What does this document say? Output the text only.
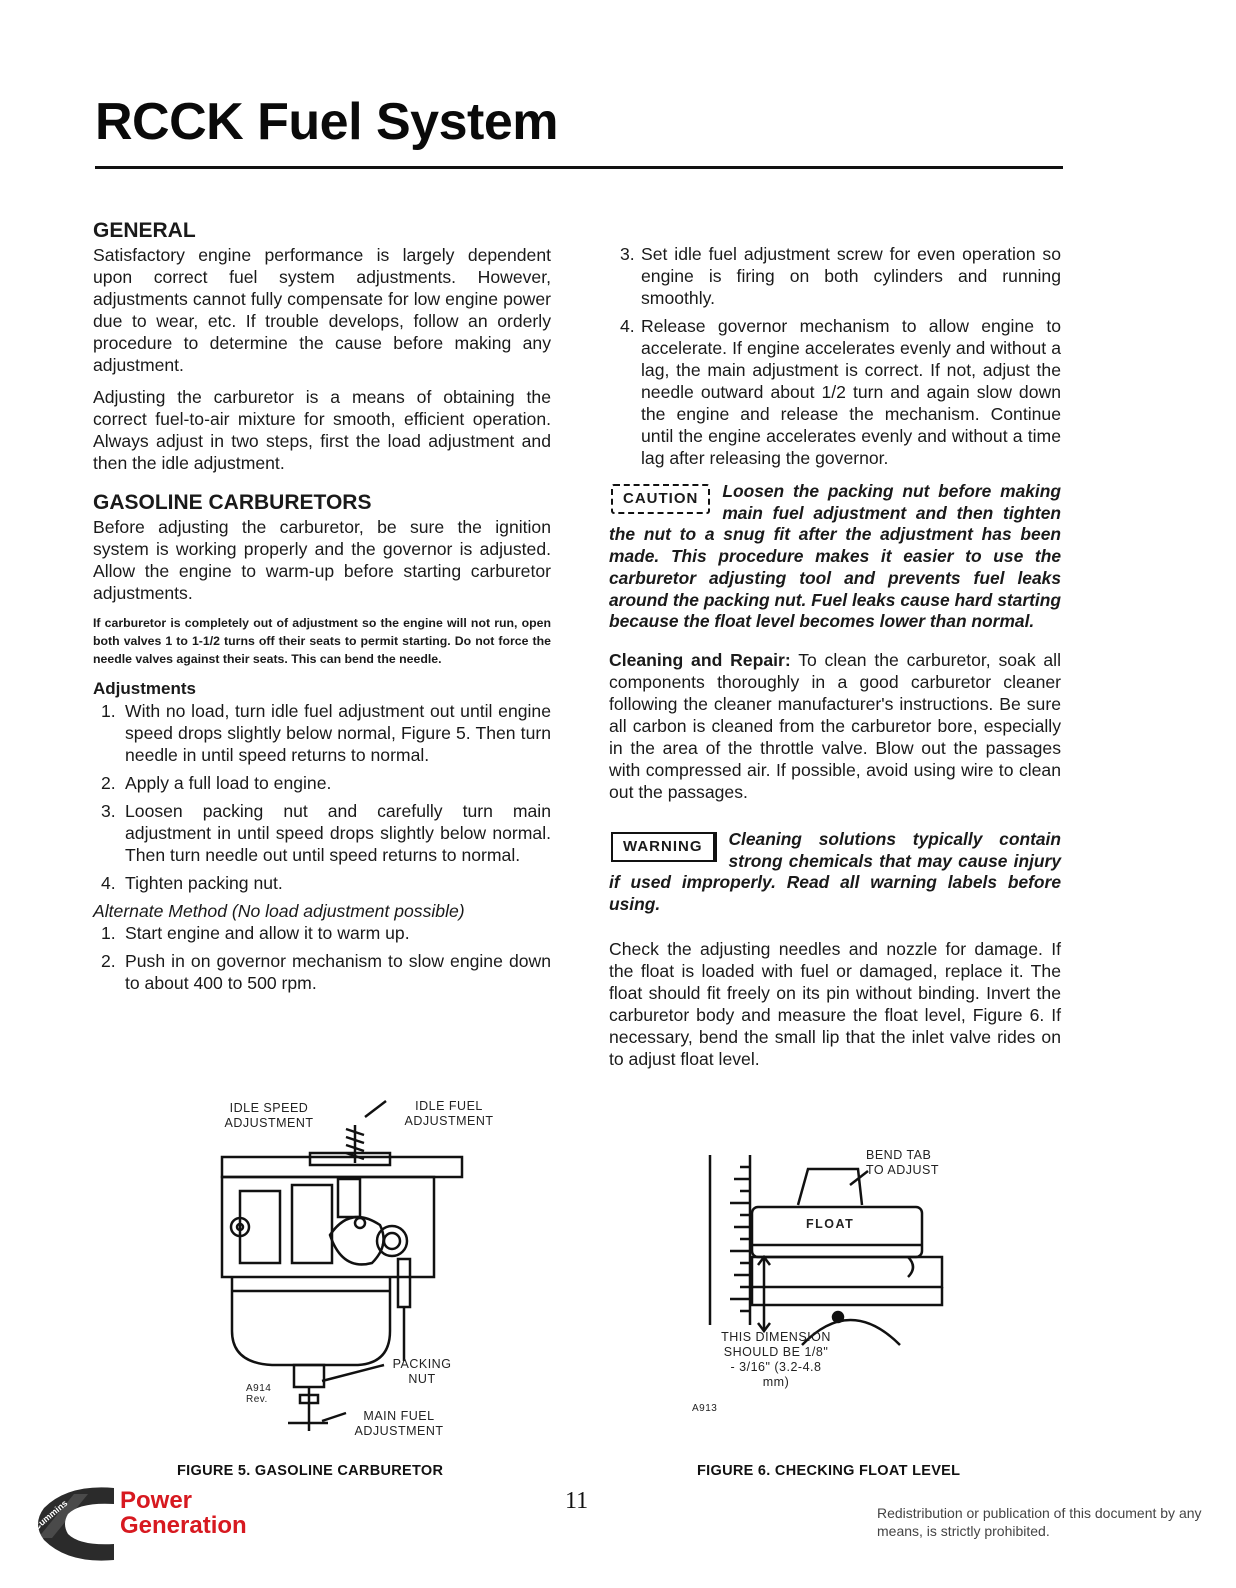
RCCK Fuel System

GENERAL

Satisfactory engine performance is largely dependent upon correct fuel system adjustments. However, adjustments cannot fully compensate for low engine power due to wear, etc. If trouble develops, follow an orderly procedure to determine the cause before making any adjustment.

Adjusting the carburetor is a means of obtaining the correct fuel-to-air mixture for smooth, efficient operation. Always adjust in two steps, first the load adjustment and then the idle adjustment.

GASOLINE CARBURETORS

Before adjusting the carburetor, be sure the ignition system is working properly and the governor is adjusted. Allow the engine to warm-up before starting carburetor adjustments.

If carburetor is completely out of adjustment so the engine will not run, open both valves 1 to 1-1/2 turns off their seats to permit starting. Do not force the needle valves against their seats. This can bend the needle.

Adjustments

1. With no load, turn idle fuel adjustment out until engine speed drops slightly below normal, Figure 5. Then turn needle in until speed returns to normal.
2. Apply a full load to engine.
3. Loosen packing nut and carefully turn main adjustment in until speed drops slightly below normal. Then turn needle out until speed returns to normal.
4. Tighten packing nut.

Alternate Method (No load adjustment possible)

1. Start engine and allow it to warm up.
2. Push in on governor mechanism to slow engine down to about 400 to 500 rpm.
3. Set idle fuel adjustment screw for even operation so engine is firing on both cylinders and running smoothly.
4. Release governor mechanism to allow engine to accelerate. If engine accelerates evenly and without a lag, the main adjustment is correct. If not, adjust the needle outward about 1/2 turn and again slow down the engine and release the mechanism. Continue until the engine accelerates evenly and without a time lag after releasing the governor.
CAUTION	Loosen the packing nut before making main fuel adjustment and then tighten the nut to a snug fit after the adjustment has been made. This procedure makes it easier to use the carburetor adjusting tool and prevents fuel leaks around the packing nut. Fuel leaks cause hard starting because the float level becomes lower than normal.

Cleaning and Repair: To clean the carburetor, soak all components thoroughly in a good carburetor cleaner following the cleaner manufacturer's instructions. Be sure all carbon is cleaned from the carburetor bore, especially in the area of the throttle valve. Blow out the passages with compressed air. If possible, avoid using wire to clean out the passages.

WARNING	Cleaning solutions typically contain strong chemicals that may cause injury if used improperly. Read all warning labels before using.

Check the adjusting needles and nozzle for damage. If the float is loaded with fuel or damaged, replace it. The float should fit freely on its pin without binding. Invert the carburetor body and measure the float level, Figure 6. If necessary, bend the small lip that the inlet valve rides on to adjust float level.

IDLE SPEED ADJUSTMENT
IDLE FUEL ADJUSTMENT
PACKING NUT
MAIN FUEL ADJUSTMENT
A914 Rev.
FIGURE 5. GASOLINE CARBURETOR
BEND TAB TO ADJUST
FLOAT
THIS DIMENSION SHOULD BE 1/8" - 3/16" (3.2-4.8 mm)
A913
FIGURE 6. CHECKING FLOAT LEVEL
Cummins Power
Generation
11	Redistribution or publication of this document by any means, is strictly prohibited.
